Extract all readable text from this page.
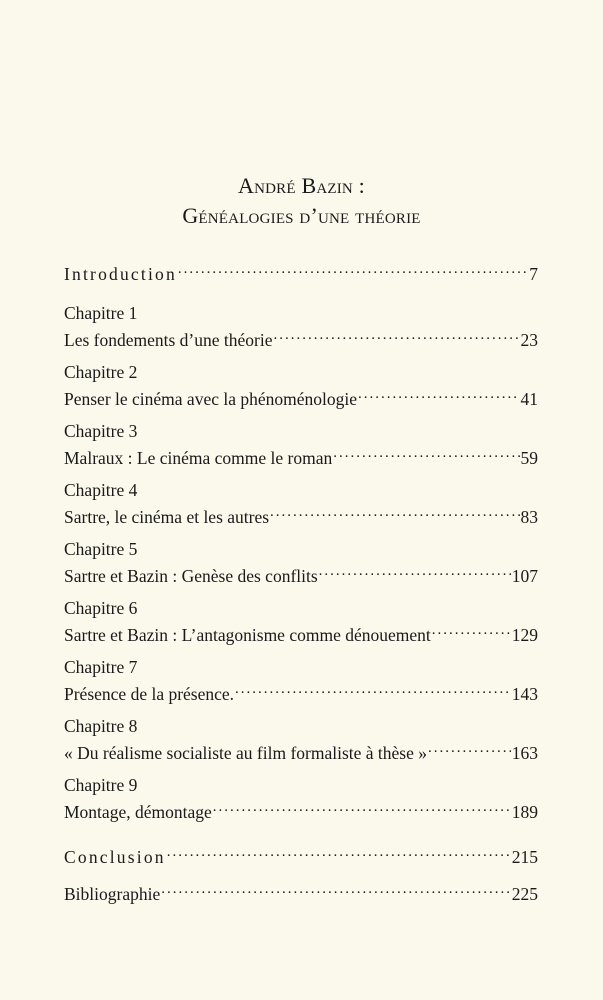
André Bazin :
Généalogies d’une théorie
Introduction .....	7
Chapitre 1
Les fondements d’une théorie .....	23
Chapitre 2
Penser le cinéma avec la phénoménologie .....	41
Chapitre 3
Malraux : Le cinéma comme le roman .....	59
Chapitre 4
Sartre, le cinéma et les autres .....	83
Chapitre 5
Sartre et Bazin : Genèse des conflits .....	107
Chapitre 6
Sartre et Bazin : L’antagonisme comme dénouement .....	129
Chapitre 7
Présence de la présence. .....	143
Chapitre 8
« Du réalisme socialiste au film formaliste à thèse » .....	163
Chapitre 9
Montage, démontage .....	189
Conclusion .....	215
Bibliographie .....	225
